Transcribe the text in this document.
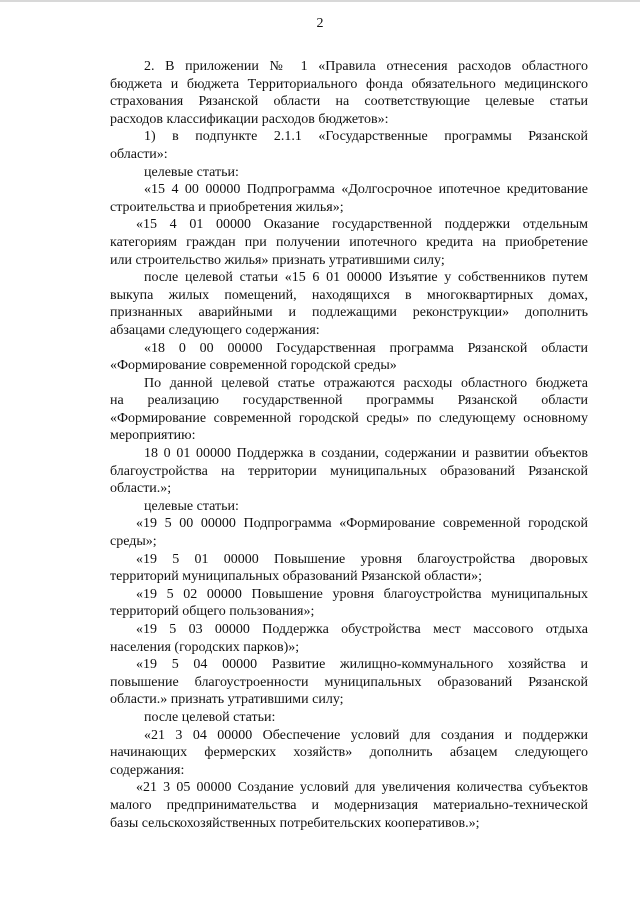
2

2. В приложении № 1 «Правила отнесения расходов областного
бюджета и бюджета Территориального фонда обязательного медицинского
страхования Рязанской области на соответствующие целевые статьи
расходов классификации расходов бюджетов»:

1) в подпункте 2.1.1 «Государственные программы Рязанской
области»:

целевые статьи:

«15 4 00 00000 Подпрограмма «Долгосрочное ипотечное кредитование
строительства и приобретения жилья»;

«15 4 01 00000 Оказание государственной поддержки отдельным
категориям граждан при получении ипотечного кредита на приобретение
или строительство жилья» признать утратившими силу;

после целевой статьи «15 6 01 00000 Изъятие у собственников путем
выкупа жилых помещений, находящихся в многоквартирных домах,
признанных аварийными и подлежащими реконструкции» дополнить
абзацами следующего содержания:

«18 0 00 00000 Государственная программа Рязанской области
«Формирование современной городской среды»

По данной целевой статье отражаются расходы областного бюджета
на реализацию государственной программы Рязанской области
«Формирование современной городской среды» по следующему основному
мероприятию:

18 0 01 00000 Поддержка в создании, содержании и развитии объектов
благоустройства на территории муниципальных образований Рязанской
области.»;

целевые статьи:

«19 5 00 00000 Подпрограмма «Формирование современной городской
среды»;

«19 5 01 00000 Повышение уровня благоустройства дворовых
территорий муниципальных образований Рязанской области»;

«19 5 02 00000 Повышение уровня благоустройства муниципальных
территорий общего пользования»;

«19 5 03 00000 Поддержка обустройства мест массового отдыха
населения (городских парков)»;

«19 5 04 00000 Развитие жилищно-коммунального хозяйства и
повышение благоустроенности муниципальных образований Рязанской
области.» признать утратившими силу;

после целевой статьи:

«21 3 04 00000 Обеспечение условий для создания и поддержки
начинающих фермерских хозяйств» дополнить абзацем следующего
содержания:

«21 3 05 00000 Создание условий для увеличения количества субъектов
малого предпринимательства и модернизация материально-технической
базы сельскохозяйственных потребительских кооперативов.»;
